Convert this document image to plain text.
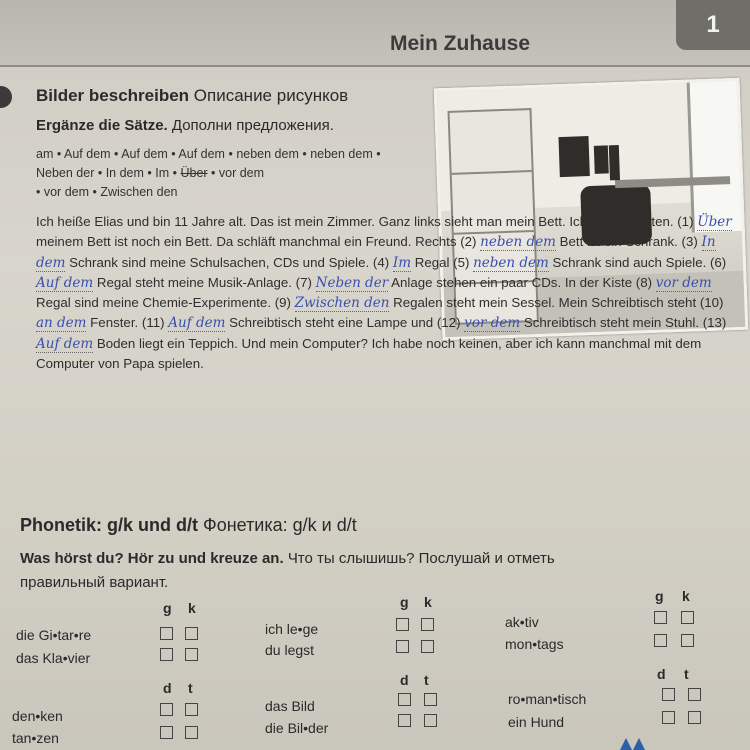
Mein Zuhause
1
Bilder beschreiben Описание рисунков
Ergänze die Sätze. Дополни предложения.
am • Auf dem • Auf dem • Auf dem • neben dem • neben dem • Neben der • In dem • Im • Über • vor dem
• vor dem • Zwischen den
Ich heiße Elias und bin 11 Jahre alt. Das ist mein Zimmer. Ganz links sieht man mein Bett. Ich schlafe unten. (1) Über meinem Bett ist noch ein Bett. Da schläft manchmal ein Freund. Rechts (2) neben dem Bett ist ein Schrank. (3) In dem Schrank sind meine Schulsachen, CDs und Spiele. (4) Im Regal (5) neben dem Schrank sind auch Spiele. (6) Auf dem Regal steht meine Musik-Anlage. (7) Neben der Anlage stehen ein paar CDs. In der Kiste (8) vor dem Regal sind meine Chemie-Experimente. (9) Zwischen den Regalen steht mein Sessel. Mein Schreibtisch steht (10) an dem Fenster. (11) Auf dem Schreibtisch steht eine Lampe und (12) vor dem Schreibtisch steht mein Stuhl. (13) Auf dem Boden liegt ein Teppich. Und mein Computer? Ich habe noch keinen, aber ich kann manchmal mit dem Computer von Papa spielen.
Phonetik: g/k und d/t Фонетика: g/k и d/t
Was hörst du? Hör zu und kreuze an. Что ты слышишь? Послушай и отметь
правильный вариант.
g k	g k	g k
die Gi•tar•re
das Kla•vier
ich le•ge
du legst
ak•tiv
mon•tags
d t	d t	d t
den•ken
tan•zen
das Bild
die Bil•der
ro•man•tisch
ein Hund
